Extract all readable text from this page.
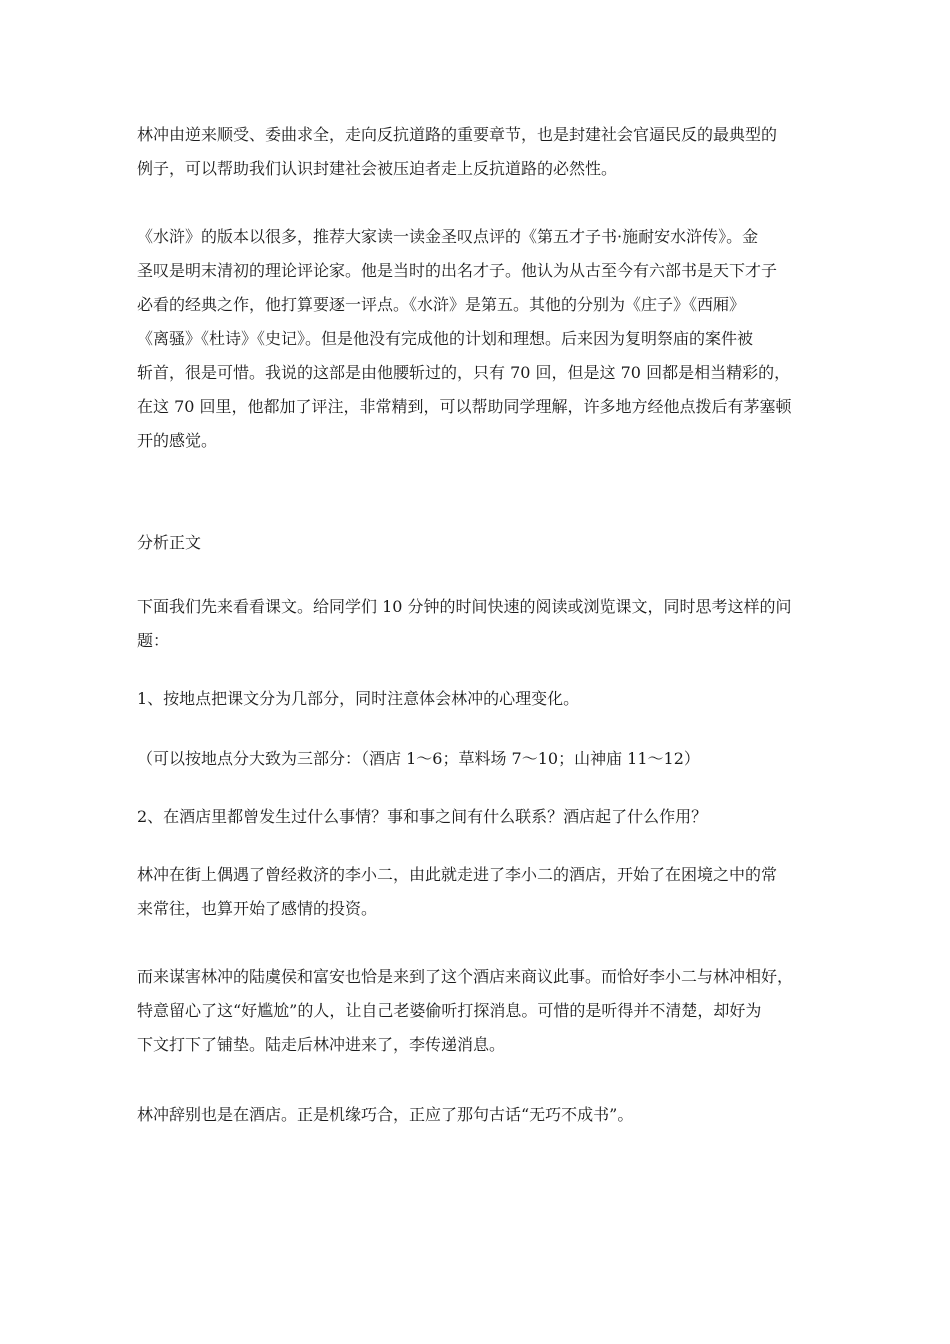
林冲由逆来顺受、委曲求全，走向反抗道路的重要章节，也是封建社会官逼民反的最典型的
例子，可以帮助我们认识封建社会被压迫者走上反抗道路的必然性。
《水浒》的版本以很多，推荐大家读一读金圣叹点评的《第五才子书·施耐安水浒传》。金
圣叹是明末清初的理论评论家。他是当时的出名才子。他认为从古至今有六部书是天下才子
必看的经典之作，他打算要逐一评点。《水浒》是第五。其他的分别为《庄子》《西厢》
《离骚》《杜诗》《史记》。但是他没有完成他的计划和理想。后来因为复明祭庙的案件被
斩首，很是可惜。我说的这部是由他腰斩过的，只有 70 回，但是这 70 回都是相当精彩的，
在这 70 回里，他都加了评注，非常精到，可以帮助同学理解，许多地方经他点拨后有茅塞顿
开的感觉。
分析正文
下面我们先来看看课文。给同学们 10 分钟的时间快速的阅读或浏览课文，同时思考这样的问
题：
1、按地点把课文分为几部分，同时注意体会林冲的心理变化。
（可以按地点分大致为三部分：（酒店 1～6；草料场 7～10；山神庙 11～12）
2、在酒店里都曾发生过什么事情？事和事之间有什么联系？酒店起了什么作用？
林冲在街上偶遇了曾经救济的李小二，由此就走进了李小二的酒店，开始了在困境之中的常
来常往，也算开始了感情的投资。
而来谋害林冲的陆虞侯和富安也恰是来到了这个酒店来商议此事。而恰好李小二与林冲相好，
特意留心了这“好尴尬”的人，让自己老婆偷听打探消息。可惜的是听得并不清楚，却好为
下文打下了铺垫。陆走后林冲进来了，李传递消息。
林冲辞别也是在酒店。正是机缘巧合，正应了那句古话“无巧不成书”。
